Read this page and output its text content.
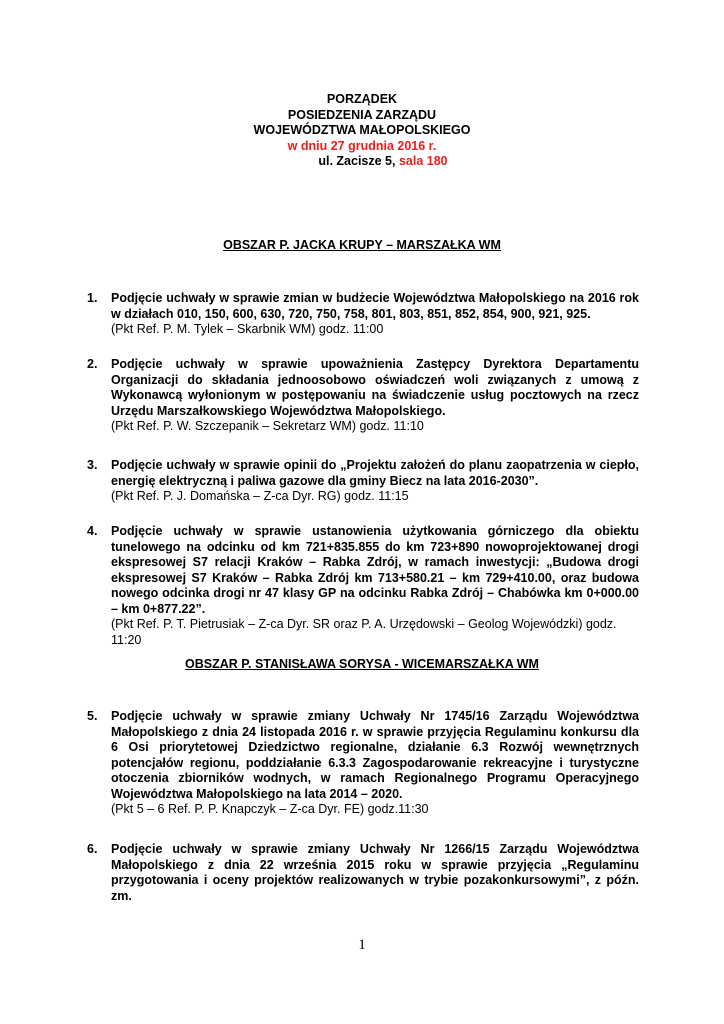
PORZĄDEK
POSIEDZENIA ZARZĄDU
WOJEWÓDZTWA MAŁOPOLSKIEGO
w dniu 27 grudnia 2016 r.
ul. Zacisze 5, sala 180
OBSZAR P. JACKA KRUPY – MARSZAŁKA WM
1. Podjęcie uchwały w sprawie zmian w budżecie Województwa Małopolskiego na 2016 rok w działach 010, 150, 600, 630, 720, 750, 758, 801, 803, 851, 852, 854, 900, 921, 925.
(Pkt Ref. P. M. Tylek – Skarbnik WM) godz. 11:00
2. Podjęcie uchwały w sprawie upoważnienia Zastępcy Dyrektora Departamentu Organizacji do składania jednoosobowo oświadczeń woli związanych z umową z Wykonawcą wyłonionym w postępowaniu na świadczenie usług pocztowych na rzecz Urzędu Marszałkowskiego Województwa Małopolskiego.
(Pkt Ref. P. W. Szczepanik – Sekretarz WM) godz. 11:10
3. Podjęcie uchwały w sprawie opinii do „Projektu założeń do planu zaopatrzenia w ciepło, energię elektryczną i paliwa gazowe dla gminy Biecz na lata 2016-2030”.
(Pkt Ref. P. J. Domańska – Z-ca Dyr. RG) godz. 11:15
4. Podjęcie uchwały w sprawie ustanowienia użytkowania górniczego dla obiektu tunelowego na odcinku od km 721+835.855 do km 723+890 nowoprojektowanej drogi ekspresowej S7 relacji Kraków – Rabka Zdrój, w ramach inwestycji: „Budowa drogi ekspresowej S7 Kraków – Rabka Zdrój km 713+580.21 – km 729+410.00, oraz budowa nowego odcinka drogi nr 47 klasy GP na odcinku Rabka Zdrój – Chabówka km 0+000.00 – km 0+877.22”.
(Pkt Ref. P. T. Pietrusiak – Z-ca Dyr. SR oraz P. A. Urzędowski – Geolog Wojewódzki) godz. 11:20
OBSZAR P. STANISŁAWA SORYSA - WICEMARSZAŁKA WM
5. Podjęcie uchwały w sprawie zmiany Uchwały Nr 1745/16 Zarządu Województwa Małopolskiego z dnia 24 listopada 2016 r. w sprawie przyjęcia Regulaminu konkursu dla 6 Osi priorytetowej Dziedzictwo regionalne, działanie 6.3 Rozwój wewnętrznych potencjałów regionu, poddziałanie 6.3.3 Zagospodarowanie rekreacyjne i turystyczne otoczenia zbiorników wodnych, w ramach Regionalnego Programu Operacyjnego Województwa Małopolskiego na lata 2014 – 2020.
(Pkt 5 – 6 Ref. P. P. Knapczyk – Z-ca Dyr. FE) godz.11:30
6. Podjęcie uchwały w sprawie zmiany Uchwały Nr 1266/15 Zarządu Województwa Małopolskiego z dnia 22 września 2015 roku w sprawie przyjęcia „Regulaminu przygotowania i oceny projektów realizowanych w trybie pozakonkursowymi”, z późn. zm.
1
